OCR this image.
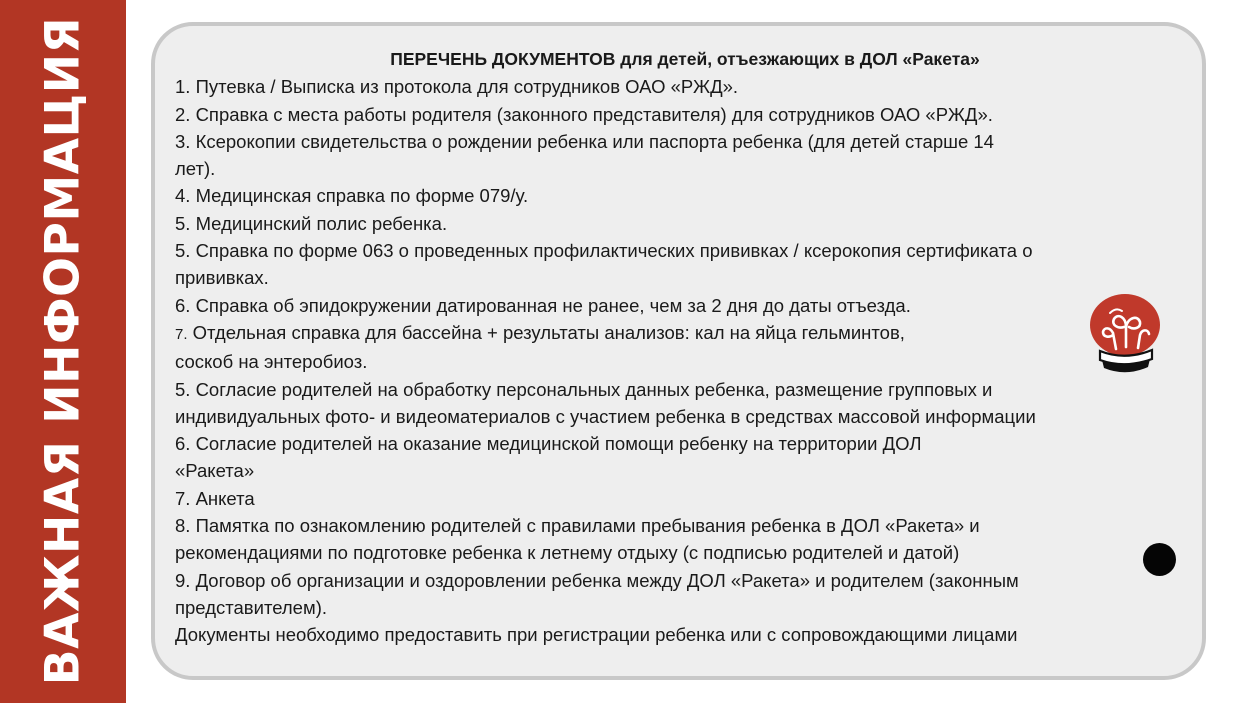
ВАЖНАЯ ИНФОРМАЦИЯ	ПЕРЕЧЕНЬ ДОКУМЕНТОВ для детей, отъезжающих в ДОЛ «Ракета»
1. Путевка / Выписка из протокола для сотрудников ОАО «РЖД».
2. Справка с места работы родителя (законного представителя) для сотрудников ОАО «РЖД».
3. Ксерокопии свидетельства о рождении ребенка или паспорта ребенка (для детей старше 14
лет).
4. Медицинская справка по форме 079/у.
5. Медицинский полис ребенка.
5. Справка по форме 063 о проведенных профилактических прививках / ксерокопия сертификата о
прививках.
6. Справка об эпидокружении датированная не ранее, чем за 2 дня до даты отъезда.
7. Отдельная справка для бассейна + результаты анализов: кал на яйца гельминтов,
соскоб на энтеробиоз.
5. Согласие родителей на обработку персональных данных ребенка, размещение групповых и
индивидуальных фото- и видеоматериалов с участием ребенка в средствах массовой информации
6. Согласие родителей на оказание медицинской помощи ребенку на территории ДОЛ
«Ракета»
7. Анкета
8. Памятка по ознакомлению родителей с правилами пребывания ребенка в ДОЛ «Ракета» и
рекомендациями по подготовке ребенка к летнему отдыху (с подписью родителей и датой)
9. Договор об организации и оздоровлении ребенка между ДОЛ «Ракета» и родителем (законным
представителем).
Документы необходимо предоставить при регистрации ребенка или с сопровождающими лицами
